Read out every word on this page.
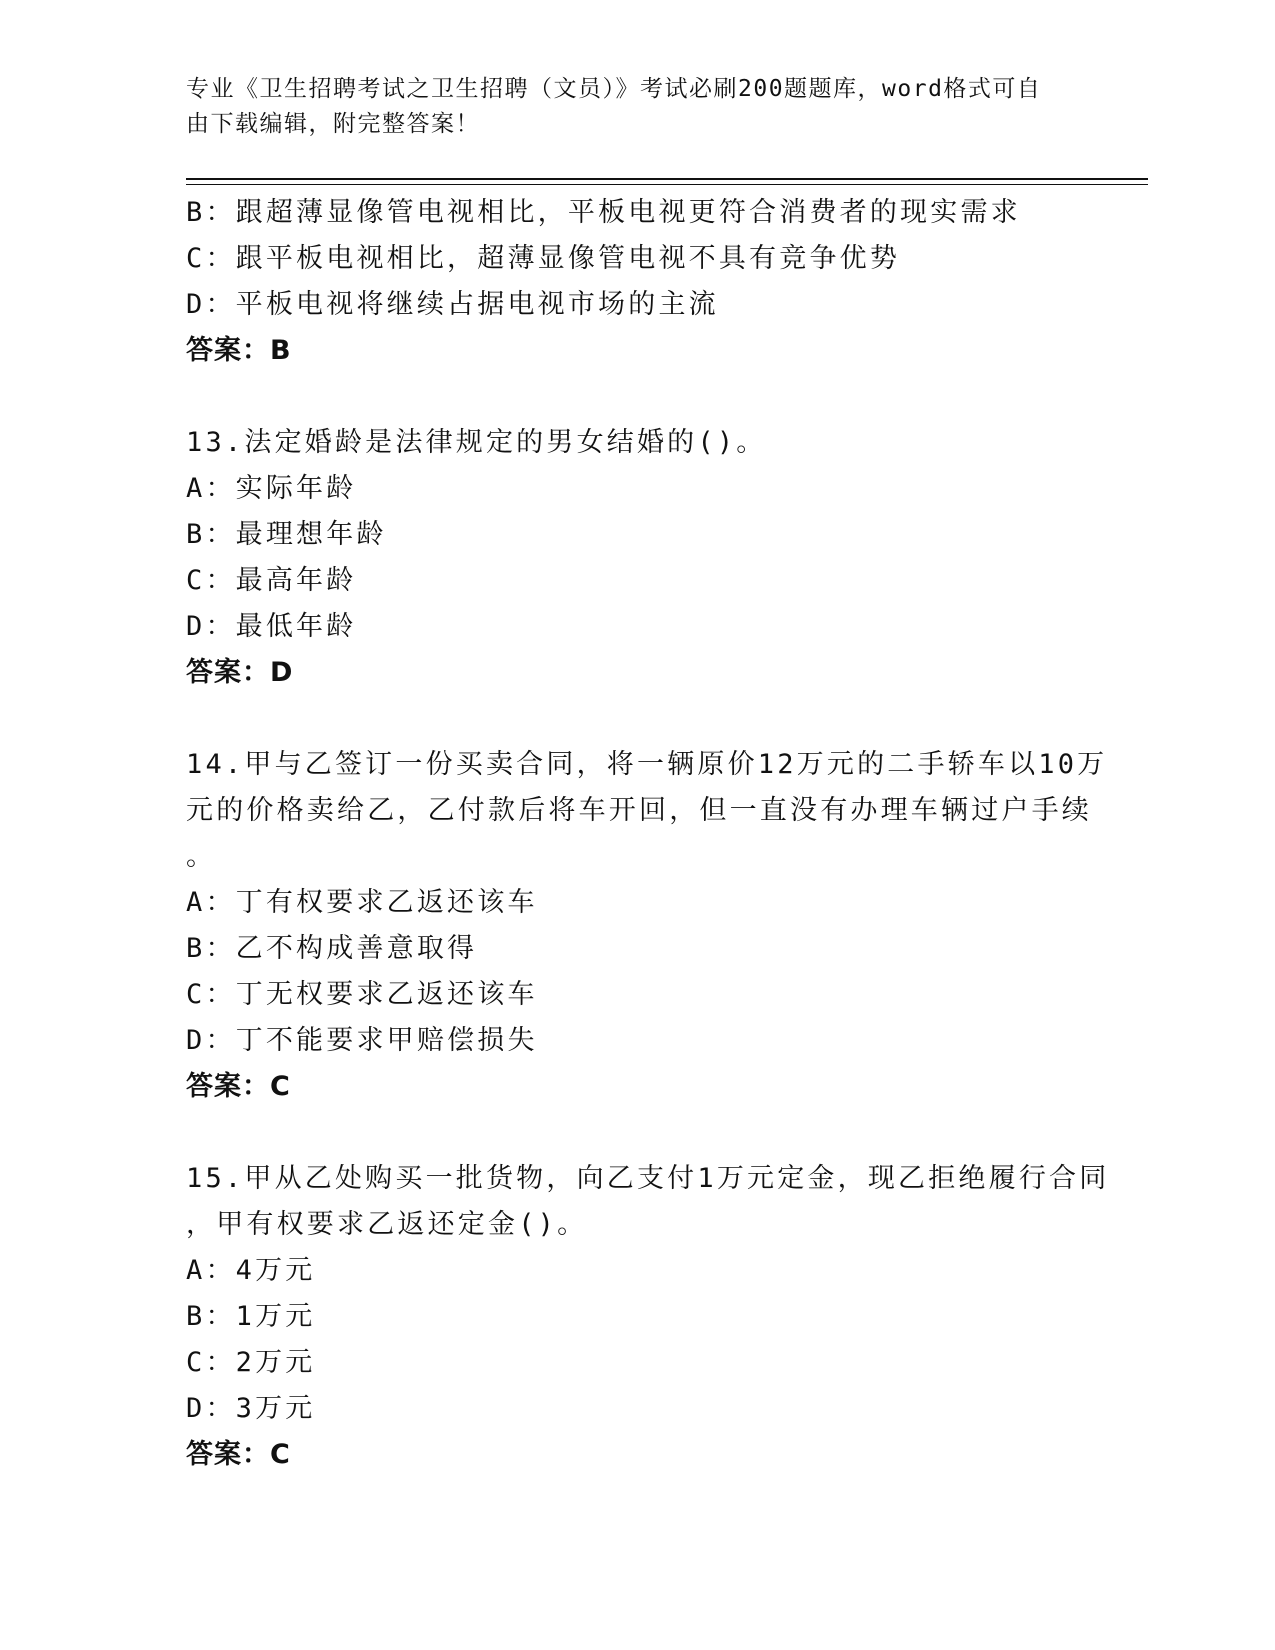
专业《卫生招聘考试之卫生招聘（文员）》考试必刷200题题库，word格式可自
由下载编辑，附完整答案！
B：跟超薄显像管电视相比，平板电视更符合消费者的现实需求
C：跟平板电视相比，超薄显像管电视不具有竞争优势
D：平板电视将继续占据电视市场的主流
答案：B
13.法定婚龄是法律规定的男女结婚的()。
A：实际年龄
B：最理想年龄
C：最高年龄
D：最低年龄
答案：D
14.甲与乙签订一份买卖合同，将一辆原价12万元的二手轿车以10万
元的价格卖给乙，乙付款后将车开回，但一直没有办理车辆过户手续
。
A：丁有权要求乙返还该车
B：乙不构成善意取得
C：丁无权要求乙返还该车
D：丁不能要求甲赔偿损失
答案：C
15.甲从乙处购买一批货物，向乙支付1万元定金，现乙拒绝履行合同
，甲有权要求乙返还定金()。
A：4万元
B：1万元
C：2万元
D：3万元
答案：C
